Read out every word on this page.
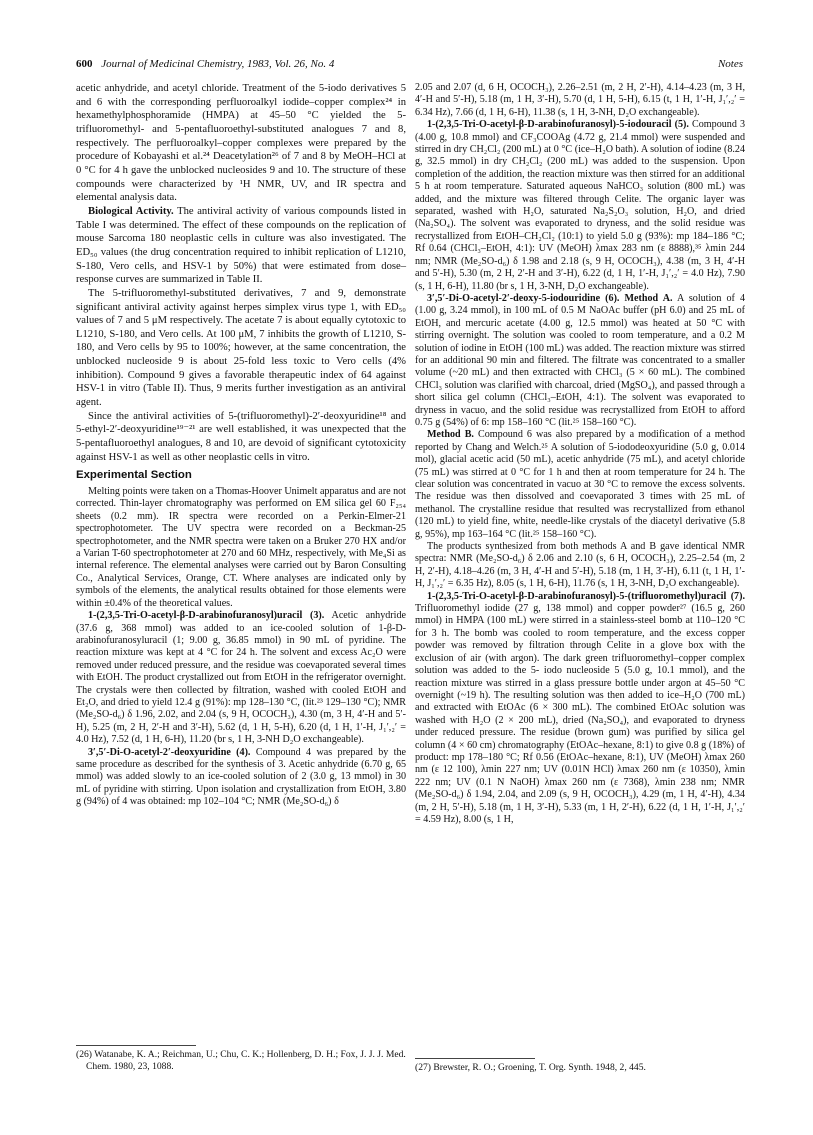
600 Journal of Medicinal Chemistry, 1983, Vol. 26, No. 4	Notes

acetic anhydride, and acetyl chloride. Treatment of the 5-iodo derivatives 5 and 6 with the corresponding perfluoroalkyl iodide–copper complex²⁴ in hexamethylphosphoramide (HMPA) at 45–50 °C yielded the 5-trifluoromethyl- and 5-pentafluoroethyl-substituted analogues 7 and 8, respectively. The perfluoroalkyl–copper complexes were prepared by the procedure of Kobayashi et al.²⁴ Deacetylation²⁶ of 7 and 8 by MeOH–HCl at 0 °C for 4 h gave the unblocked nucleosides 9 and 10. The structure of these compounds were characterized by ¹H NMR, UV, and IR spectra and elemental analysis data.

Biological Activity. The antiviral activity of various compounds listed in Table I was determined. The effect of these compounds on the replication of mouse Sarcoma 180 neoplastic cells in culture was also investigated. The ED₅₀ values (the drug concentration required to inhibit replication of L1210, S-180, Vero cells, and HSV-1 by 50%) that were estimated from dose–response curves are summarized in Table II.

The 5-trifluoromethyl-substituted derivatives, 7 and 9, demonstrate significant antiviral activity against herpes simplex virus type 1, with ED₅₀ values of 7 and 5 μM respectively. The acetate 7 is about equally cytotoxic to L1210, S-180, and Vero cells. At 100 μM, 7 inhibits the growth of L1210, S-180, and Vero cells by 95 to 100%; however, at the same concentration, the unblocked nucleoside 9 is about 25-fold less toxic to Vero cells (4% inhibition). Compound 9 gives a favorable therapeutic index of 64 against HSV-1 in vitro (Table II). Thus, 9 merits further investigation as an antiviral agent.

Since the antiviral activities of 5-(trifluoromethyl)-2′-deoxyuridine¹⁸ and 5-ethyl-2′-deoxyuridine¹⁹⁻²¹ are well established, it was unexpected that the 5-pentafluoroethyl analogues, 8 and 10, are devoid of significant cytotoxicity against HSV-1 as well as other neoplastic cells in vitro.

Experimental Section

Melting points were taken on a Thomas-Hoover Unimelt apparatus and are not corrected. Thin-layer chromatography was performed on EM silica gel 60 F₂₅₄ sheets (0.2 mm). IR spectra were recorded on a Perkin-Elmer-21 spectrophotometer. The UV spectra were recorded on a Beckman-25 spectrophotometer, and the NMR spectra were taken on a Bruker 270 HX and/or a Varian T-60 spectrophotometer at 270 and 60 MHz, respectively, with Me₄Si as internal reference. The elemental analyses were carried out by Baron Consulting Co., Analytical Services, Orange, CT. Where analyses are indicated only by symbols of the elements, the analytical results obtained for those elements were within ±0.4% of the theoretical values.

1-(2,3,5-Tri-O-acetyl-β-D-arabinofuranosyl)uracil (3). Acetic anhydride (37.6 g, 368 mmol) was added to an ice-cooled solution of 1-β-D-arabinofuranosyluracil (1; 9.00 g, 36.85 mmol) in 90 mL of pyridine. The reaction mixture was kept at 4 °C for 24 h. The solvent and excess Ac₂O were removed under reduced pressure, and the residue was coevaporated several times with EtOH. The product crystallized out from EtOH in the refrigerator overnight. The crystals were then collected by filtration, washed with cooled EtOH and Et₂O, and dried to yield 12.4 g (91%): mp 128–130 °C, (lit.²³ 129–130 °C); NMR (Me₂SO-d₆) δ 1.96, 2.02, and 2.04 (s, 9 H, OCOCH₃), 4.30 (m, 3 H, 4′-H and 5′-H), 5.25 (m, 2 H, 2′-H and 3′-H), 5.62 (d, 1 H, 5-H), 6.20 (d, 1 H, 1′-H, J₁′,₂′ = 4.0 Hz), 7.52 (d, 1 H, 6-H), 11.20 (br s, 1 H, 3-NH D₂O exchangeable).

3′,5′-Di-O-acetyl-2′-deoxyuridine (4). Compound 4 was prepared by the same procedure as described for the synthesis of 3. Acetic anhydride (6.70 g, 65 mmol) was added slowly to an ice-cooled solution of 2 (3.0 g, 13 mmol) in 30 mL of pyridine with stirring. Upon isolation and crystallization from EtOH, 3.80 g (94%) of 4 was obtained: mp 102–104 °C; NMR (Me₂SO-d₆) δ

2.05 and 2.07 (d, 6 H, OCOCH₃), 2.26–2.51 (m, 2 H, 2′-H), 4.14–4.23 (m, 3 H, 4′-H and 5′-H), 5.18 (m, 1 H, 3′-H), 5.70 (d, 1 H, 5-H), 6.15 (t, 1 H, 1′-H, J₁′,₂′ = 6.34 Hz), 7.66 (d, 1 H, 6-H), 11.38 (s, 1 H, 3-NH, D₂O exchangeable).

1-(2,3,5-Tri-O-acetyl-β-D-arabinofuranosyl)-5-iodouracil (5). Compound 3 (4.00 g, 10.8 mmol) and CF₃COOAg (4.72 g, 21.4 mmol) were suspended and stirred in dry CH₂Cl₂ (200 mL) at 0 °C (ice–H₂O bath). A solution of iodine (8.24 g, 32.5 mmol) in dry CH₂Cl₂ (200 mL) was added to the suspension. Upon completion of the addition, the reaction mixture was then stirred for an additional 5 h at room temperature. Saturated aqueous NaHCO₃ solution (800 mL) was added, and the mixture was filtered through Celite. The organic layer was separated, washed with H₂O, saturated Na₂S₂O₃ solution, H₂O, and dried (Na₂SO₄). The solvent was evaporated to dryness, and the solid residue was recrystallized from EtOH–CH₂Cl₂ (10:1) to yield 5.0 g (93%): mp 184–186 °C; Rf 0.64 (CHCl₃–EtOH, 4:1): UV (MeOH) λmax 283 nm (ε 8888),³⁵ λmin 244 nm; NMR (Me₂SO-d₆) δ 1.98 and 2.18 (s, 9 H, OCOCH₃), 4.38 (m, 3 H, 4′-H and 5′-H), 5.30 (m, 2 H, 2′-H and 3′-H), 6.22 (d, 1 H, 1′-H, J₁′,₂′ = 4.0 Hz), 7.90 (s, 1 H, 6-H), 11.80 (br s, 1 H, 3-NH, D₂O exchangeable).

3′,5′-Di-O-acetyl-2′-deoxy-5-iodouridine (6). Method A. A solution of 4 (1.00 g, 3.24 mmol), in 100 mL of 0.5 M NaOAc buffer (pH 6.0) and 25 mL of EtOH, and mercuric acetate (4.00 g, 12.5 mmol) was heated at 50 °C with stirring overnight. The solution was cooled to room temperature, and a 0.2 M solution of iodine in EtOH (100 mL) was added. The reaction mixture was stirred for an additional 90 min and filtered. The filtrate was concentrated to a smaller volume (~20 mL) and then extracted with CHCl₃ (5 × 60 mL). The combined CHCl₃ solution was clarified with charcoal, dried (MgSO₄), and passed through a short silica gel column (CHCl₃–EtOH, 4:1). The solvent was evaporated to dryness in vacuo, and the solid residue was recrystallized from EtOH to afford 0.75 g (54%) of 6: mp 158–160 °C (lit.²⁵ 158–160 °C).

Method B. Compound 6 was also prepared by a modification of a method reported by Chang and Welch.²⁵ A solution of 5-iododeoxyuridine (5.0 g, 0.014 mol), glacial acetic acid (50 mL), acetic anhydride (75 mL), and acetyl chloride (75 mL) was stirred at 0 °C for 1 h and then at room temperature for 24 h. The clear solution was concentrated in vacuo at 30 °C to remove the excess solvents. The residue was then dissolved and coevaporated 3 times with 25 mL of methanol. The crystalline residue that resulted was recrystallized from ethanol (120 mL) to yield fine, white, needle-like crystals of the diacetyl derivative (5.8 g, 95%), mp 163–164 °C (lit.²⁵ 158–160 °C).

The products synthesized from both methods A and B gave identical NMR spectra: NMR (Me₂SO-d₆) δ 2.06 and 2.10 (s, 6 H, OCOCH₃), 2.25–2.54 (m, 2 H, 2′-H), 4.18–4.26 (m, 3 H, 4′-H and 5′-H), 5.18 (m, 1 H, 3′-H), 6.11 (t, 1 H, 1′-H, J₁′,₂′ = 6.35 Hz), 8.05 (s, 1 H, 6-H), 11.76 (s, 1 H, 3-NH, D₂O exchangeable).

1-(2,3,5-Tri-O-acetyl-β-D-arabinofuranosyl)-5-(trifluoromethyl)uracil (7). Trifluoromethyl iodide (27 g, 138 mmol) and copper powder²⁷ (16.5 g, 260 mmol) in HMPA (100 mL) were stirred in a stainless-steel bomb at 110–120 °C for 3 h. The bomb was cooled to room temperature, and the excess copper powder was removed by filtration through Celite in a glove box with the exclusion of air (with argon). The dark green trifluoromethyl–copper complex solution was added to the 5- iodo nucleoside 5 (5.0 g, 10.1 mmol), and the reaction mixture was stirred in a glass pressure bottle under argon at 45–50 °C overnight (~19 h). The resulting solution was then added to ice–H₂O (700 mL) and extracted with EtOAc (6 × 300 mL). The combined EtOAc solution was washed with H₂O (2 × 200 mL), dried (Na₂SO₄), and evaporated to dryness under reduced pressure. The residue (brown gum) was purified by silica gel column (4 × 60 cm) chromatography (EtOAc–hexane, 8:1) to give 0.8 g (18%) of product: mp 178–180 °C; Rf 0.56 (EtOAc–hexane, 8:1), UV (MeOH) λmax 260 nm (ε 12 100), λmin 227 nm; UV (0.01N HCl) λmax 260 nm (ε 10350), λmin 222 nm; UV (0.1 N NaOH) λmax 260 nm (ε 7368), λmin 238 nm; NMR (Me₂SO-d₆) δ 1.94, 2.04, and 2.09 (s, 9 H, OCOCH₃), 4.29 (m, 1 H, 4′-H), 4.34 (m, 2 H, 5′-H), 5.18 (m, 1 H, 3′-H), 5.33 (m, 1 H, 2′-H), 6.22 (d, 1 H, 1′-H, J₁′,₂′ = 4.59 Hz), 8.00 (s, 1 H,

(26) Watanabe, K. A.; Reichman, U.; Chu, C. K.; Hollenberg, D. H.; Fox, J. J. J. Med. Chem. 1980, 23, 1088.	(27) Brewster, R. O.; Groening, T. Org. Synth. 1948, 2, 445.
